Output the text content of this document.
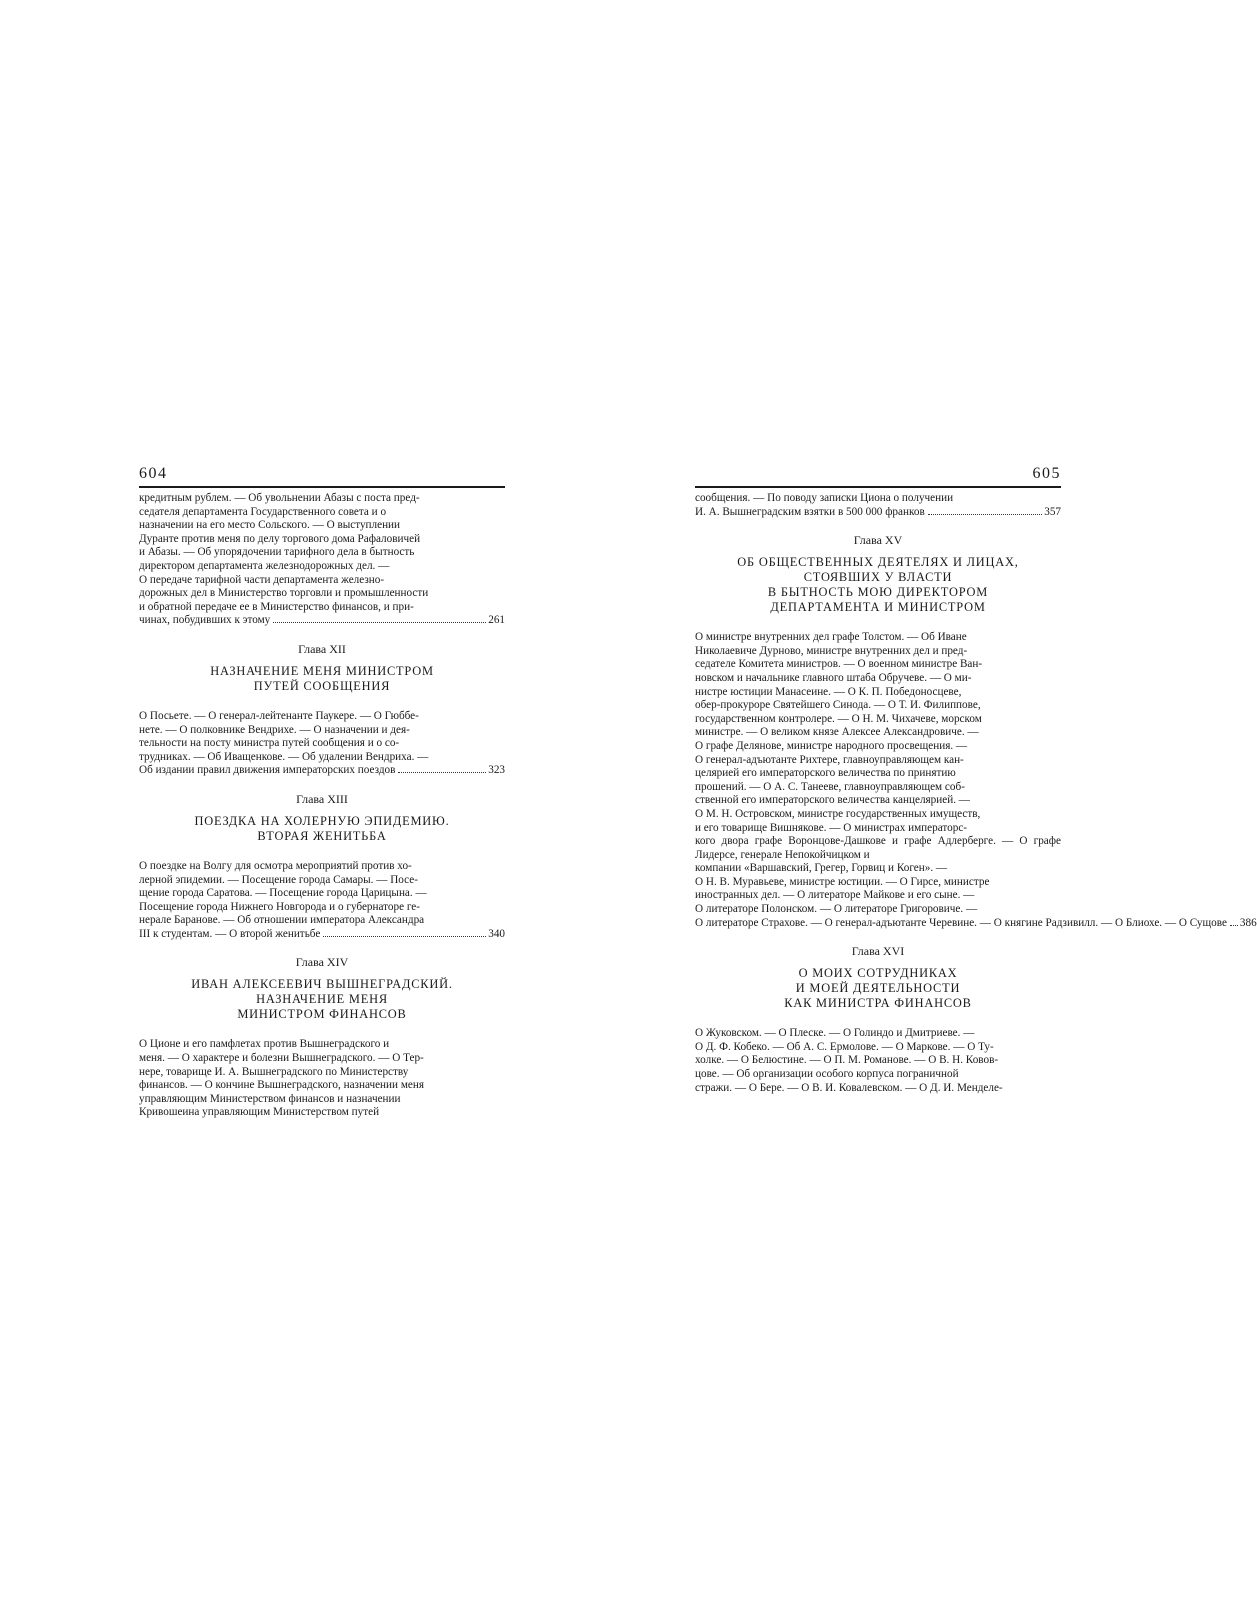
604
кредитным рублем. — Об увольнении Абазы с поста пред-
седателя департамента Государственного совета и о
назначении на его место Сольского. — О выступлении
Дуранте против меня по делу торгового дома Рафаловичей
и Абазы. — Об упорядочении тарифного дела в бытность
директором департамента железнодорожных дел. —
О передаче тарифной части департамента железно-
дорожных дел в Министерство торговли и промышленности
и обратной передаче ее в Министерство финансов, и при-
чинах, побудивших к этому	261
Глава XII
НАЗНАЧЕНИЕ МЕНЯ МИНИСТРОМ
ПУТЕЙ СООБЩЕНИЯ
О Посьете. — О генерал-лейтенанте Паукере. — О Гюббе-
нете. — О полковнике Вендрихе. — О назначении и дея-
тельности на посту министра путей сообщения и о со-
трудниках. — Об Иващенкове. — Об удалении Вендриха. —
Об издании правил движения императорских поездов	323
Глава XIII
ПОЕЗДКА НА ХОЛЕРНУЮ ЭПИДЕМИЮ.
ВТОРАЯ ЖЕНИТЬБА
О поездке на Волгу для осмотра мероприятий против хо-
лерной эпидемии. — Посещение города Самары. — Посе-
щение города Саратова. — Посещение города Царицына. —
Посещение города Нижнего Новгорода и о губернаторе ге-
нерале Баранове. — Об отношении императора Александра
III к студентам. — О второй женитьбе	340
Глава XIV
ИВАН АЛЕКСЕЕВИЧ ВЫШНЕГРАДСКИЙ.
НАЗНАЧЕНИЕ МЕНЯ
МИНИСТРОМ ФИНАНСОВ
О Ционе и его памфлетах против Вышнеградского и
меня. — О характере и болезни Вышнеградского. — О Тер-
нере, товарище И. А. Вышнеградского по Министерству
финансов. — О кончине Вышнеградского, назначении меня
управляющим Министерством финансов и назначении
Кривошеина управляющим Министерством путей
605
сообщения. — По поводу записки Циона о получении
И. А. Вышнеградским взятки в 500 000 франков	357
Глава XV
ОБ ОБЩЕСТВЕННЫХ ДЕЯТЕЛЯХ И ЛИЦАХ,
СТОЯВШИХ У ВЛАСТИ
В БЫТНОСТЬ МОЮ ДИРЕКТОРОМ
ДЕПАРТАМЕНТА И МИНИСТРОМ
О министре внутренних дел графе Толстом. — Об Иване
Николаевиче Дурново, министре внутренних дел и пред-
седателе Комитета министров. — О военном министре Ван-
новском и начальнике главного штаба Обручеве. — О ми-
нистре юстиции Манасеине. — О К. П. Победоносцеве,
обер-прокуроре Святейшего Синода. — О Т. И. Филиппове,
государственном контролере. — О Н. М. Чихачеве, морском
министре. — О великом князе Алексее Александровиче. —
О графе Делянове, министре народного просвещения. —
О генерал-адъютанте Рихтере, главноуправляющем кан-
целярией его императорского величества по принятию
прошений. — О А. С. Танееве, главноуправляющем соб-
ственной его императорского величества канцелярией. —
О М. Н. Островском, министре государственных имуществ,
и его товарище Вишнякове. — О министрах императорс-
кого двора графе Воронцове-Дашкове и графе Адлерберге. — О графе Лидерсе, генерале Непокойчицком и
компании «Варшавский, Грегер, Горвиц и Коген». —
О Н. В. Муравьеве, министре юстиции. — О Гирсе, министре
иностранных дел. — О литераторе Майкове и его сыне. —
О литераторе Полонском. — О литераторе Григоровиче. —
О литераторе Страхове. — О генерал-адъютанте Черевине. — О княгине Радзивилл. — О Блиохе. — О Сущове 386
Глава XVI
О МОИХ СОТРУДНИКАХ
И МОЕЙ ДЕЯТЕЛЬНОСТИ
КАК МИНИСТРА ФИНАНСОВ
О Жуковском. — О Плеске. — О Голиндо и Дмитриеве. —
О Д. Ф. Кобеко. — Об А. С. Ермолове. — О Маркове. — О Ту-
холке. — О Белюстине. — О П. М. Романове. — О В. Н. Ковов-
цове. — Об организации особого корпуса пограничной
стражи. — О Бере. — О В. И. Ковалевском. — О Д. И. Менделе-
